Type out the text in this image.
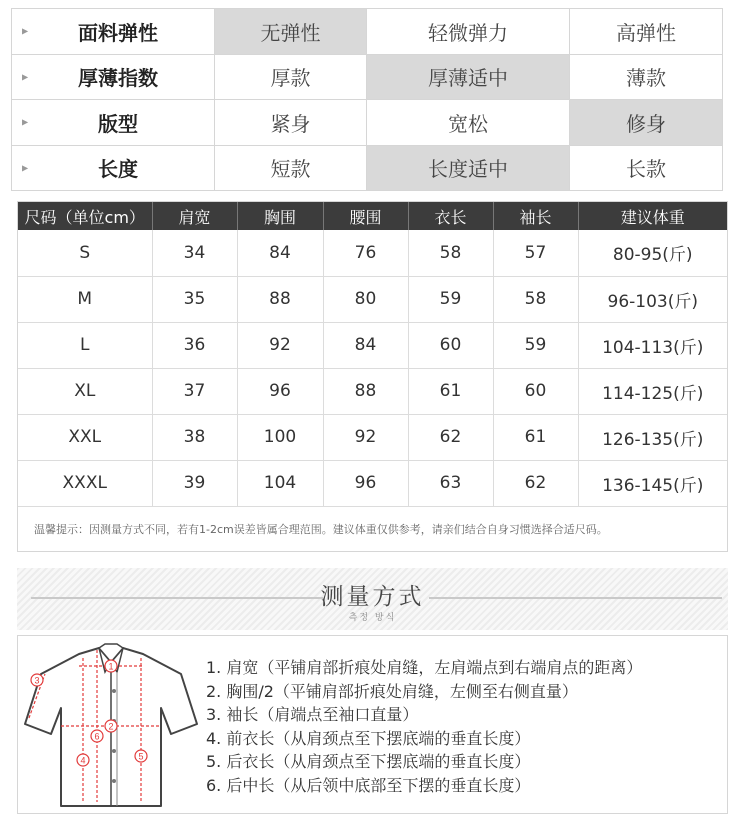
▶ 面料弹性	无弹性	轻微弹力	高弹性

▶ 厚薄指数	厚款	厚薄适中	薄款

▶ 版型	紧身	宽松	修身

▶ 长度	短款	长度适中	长款
尺码（单位cm）	肩宽	胸围	腰围	衣长	袖长	建议体重
S	34	84	76	58	57	80-95(斤)
M	35	88	80	59	58	96-103(斤)
L	36	92	84	60	59	104-113(斤)
XL	37	96	88	61	60	114-125(斤)
XXL	38	100	92	62	61	126-135(斤)
XXXL	39	104	96	63	62	136-145(斤)
温馨提示：因测量方式不同，若有1-2cm误差皆属合理范围。建议体重仅供参考，请亲们结合自身习惯选择合适尺码。
测量方式
측정 방식
1
2
3
4	5
6
1. 肩宽（平铺肩部折痕处肩缝，左肩端点到右端肩点的距离）
2. 胸围/2（平铺肩部折痕处肩缝，左侧至右侧直量）
3. 袖长（肩端点至袖口直量）
4. 前衣长（从肩颈点至下摆底端的垂直长度）
5. 后衣长（从肩颈点至下摆底端的垂直长度）
6. 后中长（从后领中底部至下摆的垂直长度）
